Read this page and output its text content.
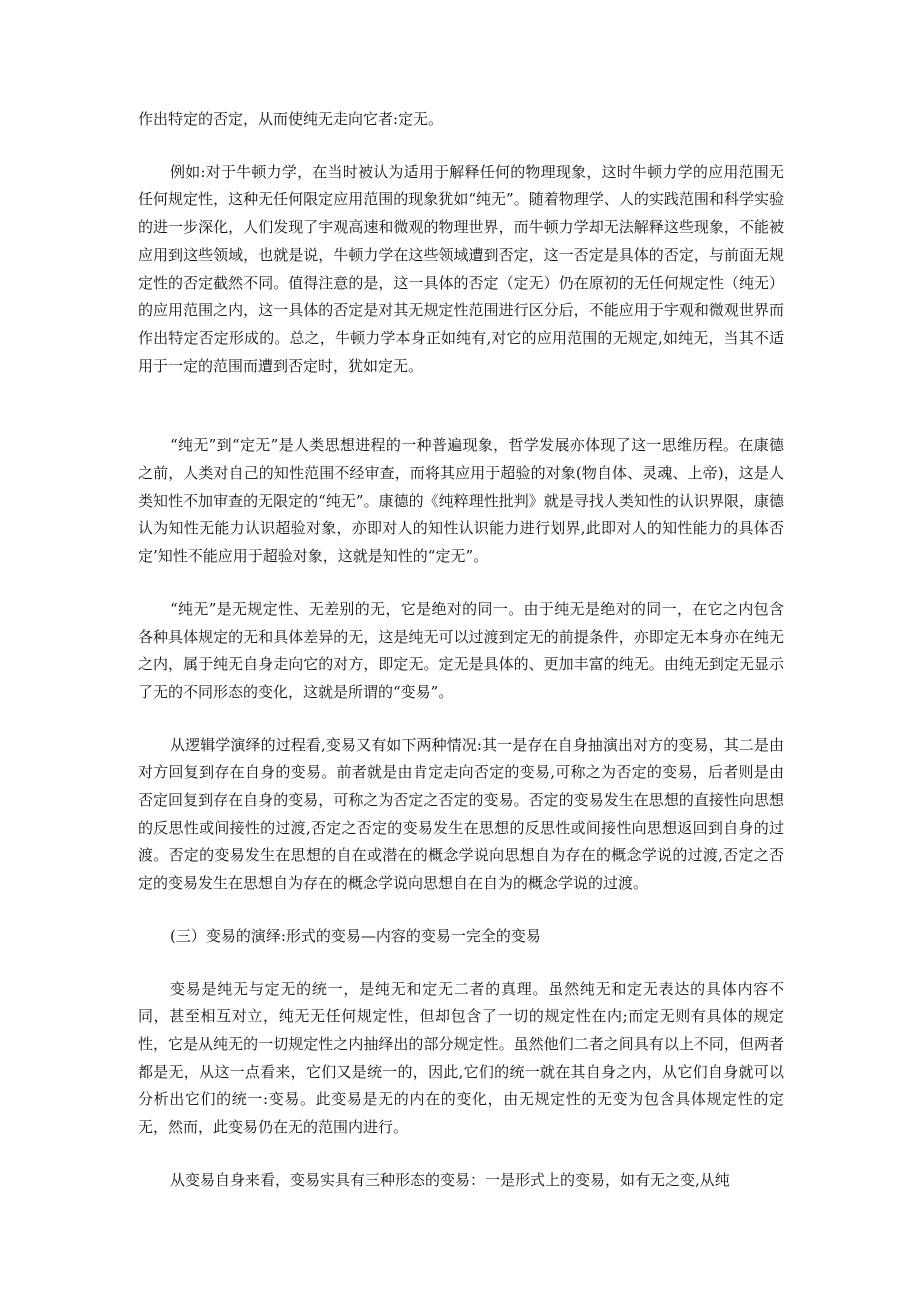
作出特定的否定，从而使纯无走向它者:定无。

例如:对于牛顿力学，在当时被认为适用于解释任何的物理现象，这时牛顿力学的应用范围无任何规定性，这种无任何限定应用范围的现象犹如“纯无”。随着物理学、人的实践范围和科学实验的进一步深化，人们发现了宇观高速和微观的物理世界，而牛顿力学却无法解释这些现象，不能被应用到这些领域，也就是说，牛顿力学在这些领域遭到否定，这一否定是具体的否定，与前面无规定性的否定截然不同。值得注意的是，这一具体的否定（定无）仍在原初的无任何规定性（纯无）的应用范围之内，这一具体的否定是对其无规定性范围进行区分后，不能应用于宇观和微观世界而作出特定否定形成的。总之，牛顿力学本身正如纯有,对它的应用范围的无规定,如纯无，当其不适用于一定的范围而遭到否定时，犹如定无。

“纯无”到“定无”是人类思想进程的一种普遍现象，哲学发展亦体现了这一思维历程。在康德之前，人类对自己的知性范围不经审查，而将其应用于超验的对象(物自体、灵魂、上帝)，这是人类知性不加审查的无限定的“纯无”。康德的《纯粹理性批判》就是寻找人类知性的认识界限，康德认为知性无能力认识超验对象，亦即对人的知性认识能力进行划界,此即对人的知性能力的具体否定’知性不能应用于超验对象，这就是知性的“定无”。

“纯无”是无规定性、无差别的无，它是绝对的同一。由于纯无是绝对的同一，在它之内包含各种具体规定的无和具体差异的无，这是纯无可以过渡到定无的前提条件，亦即定无本身亦在纯无之内，属于纯无自身走向它的对方，即定无。定无是具体的、更加丰富的纯无。由纯无到定无显示了无的不同形态的变化，这就是所谓的“变易”。

从逻辑学演绎的过程看,变易又有如下两种情况:其一是存在自身抽演出对方的变易，其二是由对方回复到存在自身的变易。前者就是由肯定走向否定的变易,可称之为否定的变易，后者则是由否定回复到存在自身的变易，可称之为否定之否定的变易。否定的变易发生在思想的直接性向思想的反思性或间接性的过渡,否定之否定的变易发生在思想的反思性或间接性向思想返回到自身的过渡。否定的变易发生在思想的自在或潜在的概念学说向思想自为存在的概念学说的过渡,否定之否定的变易发生在思想自为存在的概念学说向思想自在自为的概念学说的过渡。

(三）变易的演绎:形式的变易—内容的变易一完全的变易

变易是纯无与定无的统一，是纯无和定无二者的真理。虽然纯无和定无表达的具体内容不同，甚至相互对立，纯无无任何规定性，但却包含了一切的规定性在内;而定无则有具体的规定性，它是从纯无的一切规定性之内抽绎出的部分规定性。虽然他们二者之间具有以上不同，但两者都是无，从这一点看来，它们又是统一的，因此,它们的统一就在其自身之内，从它们自身就可以分析出它们的统一:变易。此变易是无的内在的变化，由无规定性的无变为包含具体规定性的定无，然而，此变易仍在无的范围内进行。

从变易自身来看，变易实具有三种形态的变易：一是形式上的变易，如有无之变,从纯
